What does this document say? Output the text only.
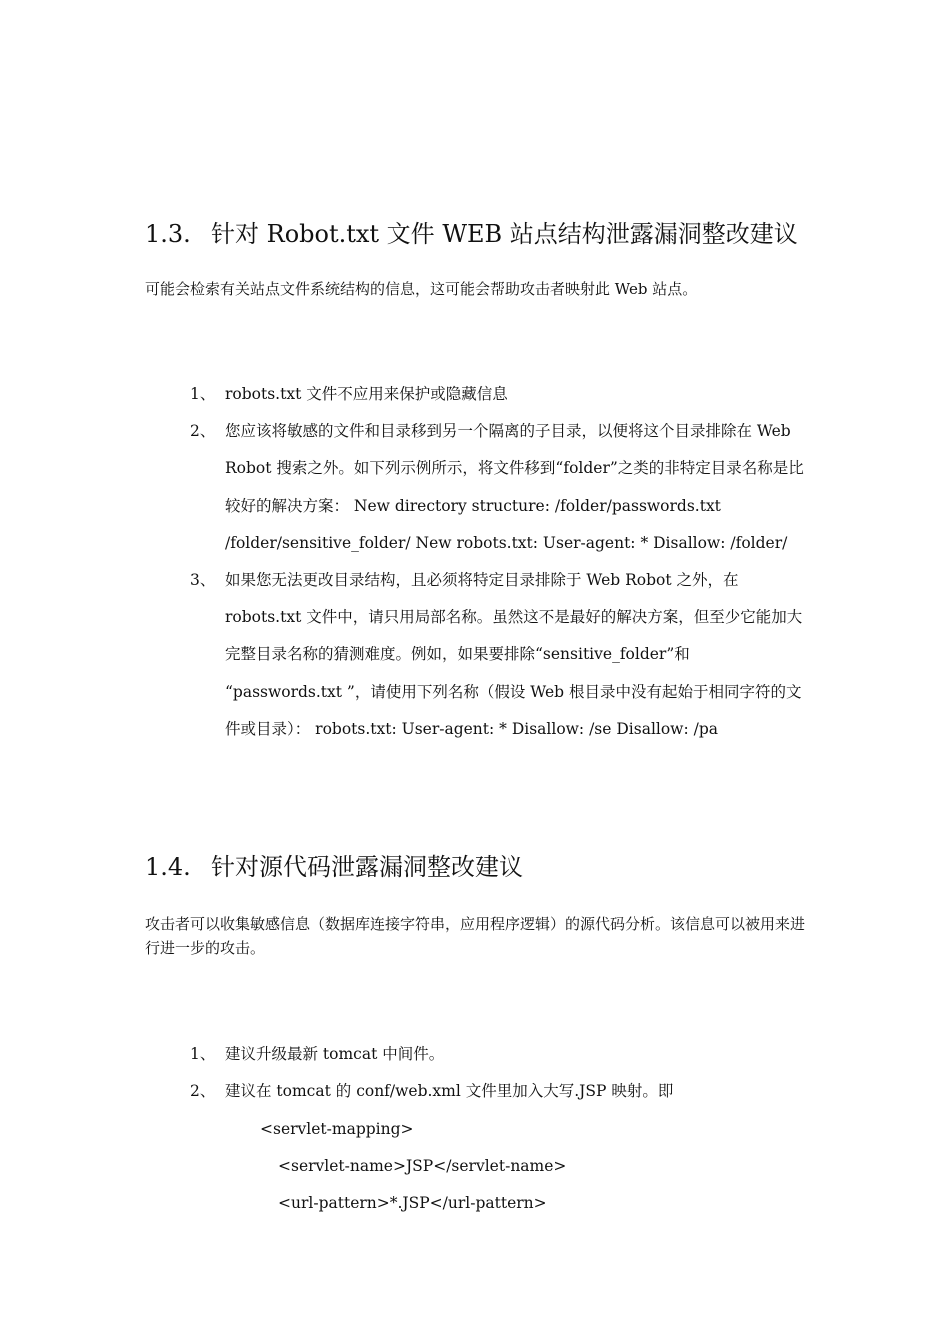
1.3. 针对 Robot.txt 文件 WEB 站点结构泄露漏洞整改建议

可能会检索有关站点文件系统结构的信息，这可能会帮助攻击者映射此 Web 站点。

1、 robots.txt 文件不应用来保护或隐藏信息
2、 您应该将敏感的文件和目录移到另一个隔离的子目录，以便将这个目录排除在 Web Robot 搜索之外。如下列示例所示，将文件移到“folder”之类的非特定目录名称是比较好的解决方案： New directory structure: /folder/passwords.txt /folder/sensitive_folder/ New robots.txt: User-agent: * Disallow: /folder/
3、 如果您无法更改目录结构，且必须将特定目录排除于 Web Robot 之外，在 robots.txt 文件中，请只用局部名称。虽然这不是最好的解决方案，但至少它能加大完整目录名称的猜测难度。例如，如果要排除“sensitive_folder”和 “passwords.txt ”，请使用下列名称（假设 Web 根目录中没有起始于相同字符的文件或目录）： robots.txt: User-agent: * Disallow: /se Disallow: /pa
1.4. 针对源代码泄露漏洞整改建议

攻击者可以收集敏感信息（数据库连接字符串，应用程序逻辑）的源代码分析。该信息可以被用来进行进一步的攻击。

1、 建议升级最新 tomcat 中间件。
2、 建议在 tomcat 的 conf/web.xml 文件里加入大写.JSP 映射。即
<servlet-mapping>
<servlet-name>JSP</servlet-name>
<url-pattern>*.JSP</url-pattern>
